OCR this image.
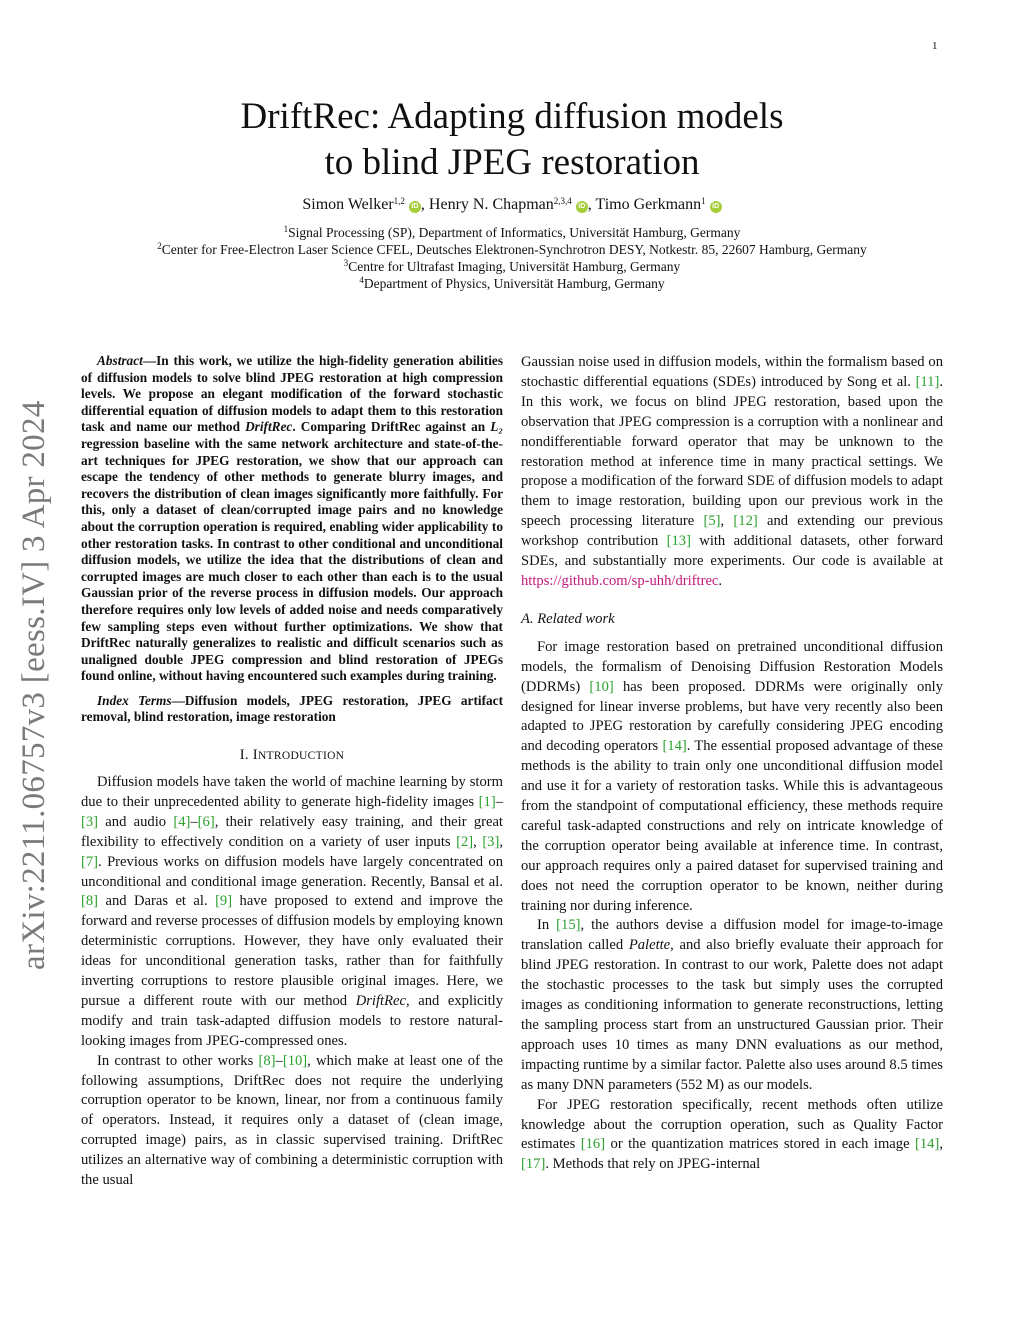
1
arXiv:2211.06757v3 [eess.IV] 3 Apr 2024
DriftRec: Adapting diffusion models
to blind JPEG restoration
Simon Welker$^{1,2}$iD , Henry N. Chapman$^{2,3,4}$iD , Timo Gerkmann$^1$iD
$^1$Signal Processing (SP), Department of Informatics, Universität Hamburg, Germany
$^2$Center for Free-Electron Laser Science CFEL, Deutsches Elektronen-Synchrotron DESY, Notkestr. 85, 22607 Hamburg, Germany
$^3$Centre for Ultrafast Imaging, Universität Hamburg, Germany
$^4$Department of Physics, Universität Hamburg, Germany

Abstract—In this work, we utilize the high-fidelity generation abilities of diffusion models to solve blind JPEG restoration at high compression levels. We propose an elegant modification of the forward stochastic differential equation of diffusion models to adapt them to this restoration task and name our method DriftRec. Comparing DriftRec against an L₂ regression baseline with the same network architecture and state-of-the-art techniques for JPEG restoration, we show that our approach can escape the tendency of other methods to generate blurry images, and recovers the distribution of clean images significantly more faithfully. For this, only a dataset of clean/corrupted image pairs and no knowledge about the corruption operation is required, enabling wider applicability to other restoration tasks. In contrast to other conditional and unconditional diffusion models, we utilize the idea that the distributions of clean and corrupted images are much closer to each other than each is to the usual Gaussian prior of the reverse process in diffusion models. Our approach therefore requires only low levels of added noise and needs comparatively few sampling steps even without further optimizations. We show that DriftRec naturally generalizes to realistic and difficult scenarios such as unaligned double JPEG compression and blind restoration of JPEGs found online, without having encountered such examples during training.

Index Terms—Diffusion models, JPEG restoration, JPEG artifact removal, blind restoration, image restoration

I. INTRODUCTION

Diffusion models have taken the world of machine learning by storm due to their unprecedented ability to generate high-fidelity images [1]–[3] and audio [4]–[6], their relatively easy training, and their great flexibility to effectively condition on a variety of user inputs [2], [3], [7]. Previous works on diffusion models have largely concentrated on unconditional and conditional image generation. Recently, Bansal et al. [8] and Daras et al. [9] have proposed to extend and improve the forward and reverse processes of diffusion models by employing known deterministic corruptions. However, they have only evaluated their ideas for unconditional generation tasks, rather than for faithfully inverting corruptions to restore plausible original images. Here, we pursue a different route with our method DriftRec, and explicitly modify and train task-adapted diffusion models to restore natural-looking images from JPEG-compressed ones.

In contrast to other works [8]–[10], which make at least one of the following assumptions, DriftRec does not require the underlying corruption operator to be known, linear, nor from a continuous family of operators. Instead, it requires only a dataset of (clean image, corrupted image) pairs, as in classic supervised training. DriftRec utilizes an alternative way of combining a deterministic corruption with the usual

Gaussian noise used in diffusion models, within the formalism based on stochastic differential equations (SDEs) introduced by Song et al. [11]. In this work, we focus on blind JPEG restoration, based upon the observation that JPEG compression is a corruption with a nonlinear and nondifferentiable forward operator that may be unknown to the restoration method at inference time in many practical settings. We propose a modification of the forward SDE of diffusion models to adapt them to image restoration, building upon our previous work in the speech processing literature [5], [12] and extending our previous workshop contribution [13] with additional datasets, other forward SDEs, and substantially more experiments. Our code is available at https://github.com/sp-uhh/driftrec.

A. Related work

For image restoration based on pretrained unconditional diffusion models, the formalism of Denoising Diffusion Restoration Models (DDRMs) [10] has been proposed. DDRMs were originally only designed for linear inverse problems, but have very recently also been adapted to JPEG restoration by carefully considering JPEG encoding and decoding operators [14]. The essential proposed advantage of these methods is the ability to train only one unconditional diffusion model and use it for a variety of restoration tasks. While this is advantageous from the standpoint of computational efficiency, these methods require careful task-adapted constructions and rely on intricate knowledge of the corruption operator being available at inference time. In contrast, our approach requires only a paired dataset for supervised training and does not need the corruption operator to be known, neither during training nor during inference.

In [15], the authors devise a diffusion model for image-to-image translation called Palette, and also briefly evaluate their approach for blind JPEG restoration. In contrast to our work, Palette does not adapt the stochastic processes to the task but simply uses the corrupted images as conditioning information to generate reconstructions, letting the sampling process start from an unstructured Gaussian prior. Their approach uses 10 times as many DNN evaluations as our method, impacting runtime by a similar factor. Palette also uses around 8.5 times as many DNN parameters (552 M) as our models.

For JPEG restoration specifically, recent methods often utilize knowledge about the corruption operation, such as Quality Factor estimates [16] or the quantization matrices stored in each image [14], [17]. Methods that rely on JPEG-internal
